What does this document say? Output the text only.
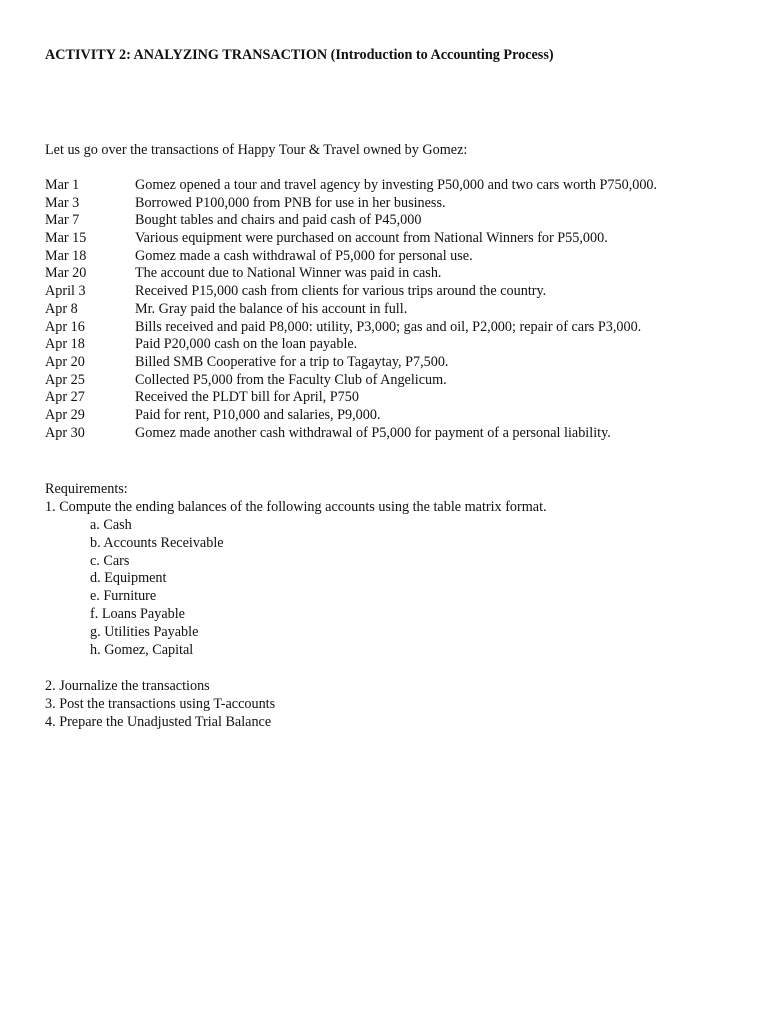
ACTIVITY 2: ANALYZING TRANSACTION (Introduction to Accounting Process)
Let us go over the transactions of Happy Tour & Travel owned by Gomez:
Mar 1	Gomez opened a tour and travel agency by investing P50,000 and two cars worth P750,000.
Mar 3	Borrowed P100,000 from PNB for use in her business.
Mar 7	Bought tables and chairs and paid cash of P45,000
Mar 15	Various equipment were purchased on account from National Winners for P55,000.
Mar 18	Gomez made a cash withdrawal of P5,000 for personal use.
Mar 20	The account due to National Winner was paid in cash.
April 3	Received P15,000 cash from clients for various trips around the country.
Apr 8	Mr. Gray paid the balance of his account in full.
Apr 16	Bills received and paid P8,000: utility, P3,000; gas and oil, P2,000; repair of cars P3,000.
Apr 18	Paid P20,000 cash on the loan payable.
Apr 20	Billed SMB Cooperative for a trip to Tagaytay, P7,500.
Apr 25	Collected P5,000 from the Faculty Club of Angelicum.
Apr 27	Received the PLDT bill for April, P750
Apr 29	Paid for rent, P10,000 and salaries, P9,000.
Apr 30	Gomez made another cash withdrawal of P5,000 for payment of a personal liability.
Requirements:
1. Compute the ending balances of the following accounts using the table matrix format.
a. Cash
b. Accounts Receivable
c. Cars
d. Equipment
e. Furniture
f. Loans Payable
g. Utilities Payable
h. Gomez, Capital
2. Journalize the transactions
3. Post the transactions using T-accounts
4. Prepare the Unadjusted Trial Balance
